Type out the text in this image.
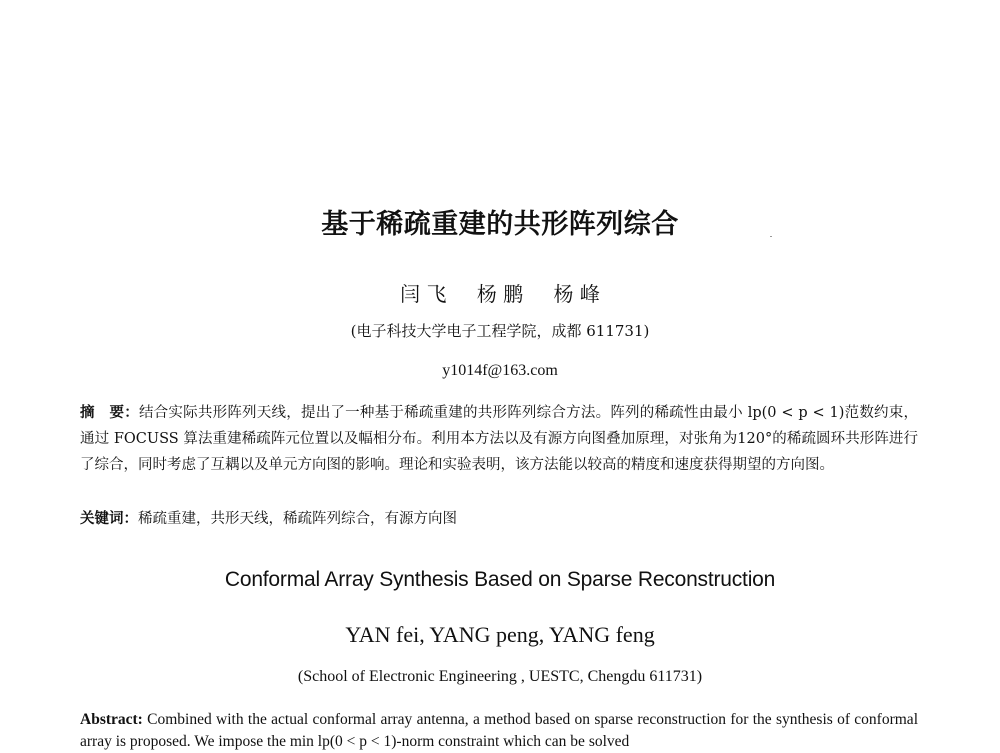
基于稀疏重建的共形阵列综合
闫 飞 杨 鹏 杨 峰
(电子科技大学电子工程学院，成都 611731)
y1014f@163.com
摘　要：结合实际共形阵列天线，提出了一种基于稀疏重建的共形阵列综合方法。阵列的稀疏性由最小 lp(0 < p < 1)范数约束，通过 FOCUSS 算法重建稀疏阵元位置以及幅相分布。利用本方法以及有源方向图叠加原理，对张角为120°的稀疏圆环共形阵进行了综合，同时考虑了互耦以及单元方向图的影响。理论和实验表明，该方法能以较高的精度和速度获得期望的方向图。
关键词：稀疏重建，共形天线，稀疏阵列综合，有源方向图
Conformal Array Synthesis Based on Sparse Reconstruction
YAN fei, YANG peng, YANG feng
(School of Electronic Engineering , UESTC, Chengdu 611731)
Abstract: Combined with the actual conformal array antenna, a method based on sparse reconstruction for the synthesis of conformal array is proposed. We impose the min lp(0 < p < 1)-norm constraint which can be solved
